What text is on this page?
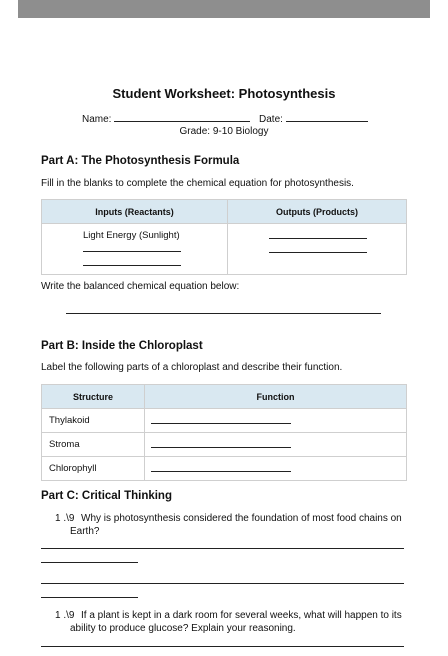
Student Worksheet: Photosynthesis
Name:	Date:
Grade: 9-10 Biology
Part A: The Photosynthesis Formula
Fill in the blanks to complete the chemical equation for photosynthesis.
Inputs (Reactants)	Outputs (Products)

Light Energy (Sunlight)	

Write the balanced chemical equation below:
Part B: Inside the Chloroplast
Label the following parts of a chloroplast and describe their function.
Structure	Function
Thylakoid	

Stroma	

Chlorophyll	
Part C: Critical Thinking
1 .\9 Why is photosynthesis considered the foundation of most food chains on
Earth?
1 .\9 If a plant is kept in a dark room for several weeks, what will happen to its
ability to produce glucose? Explain your reasoning.
